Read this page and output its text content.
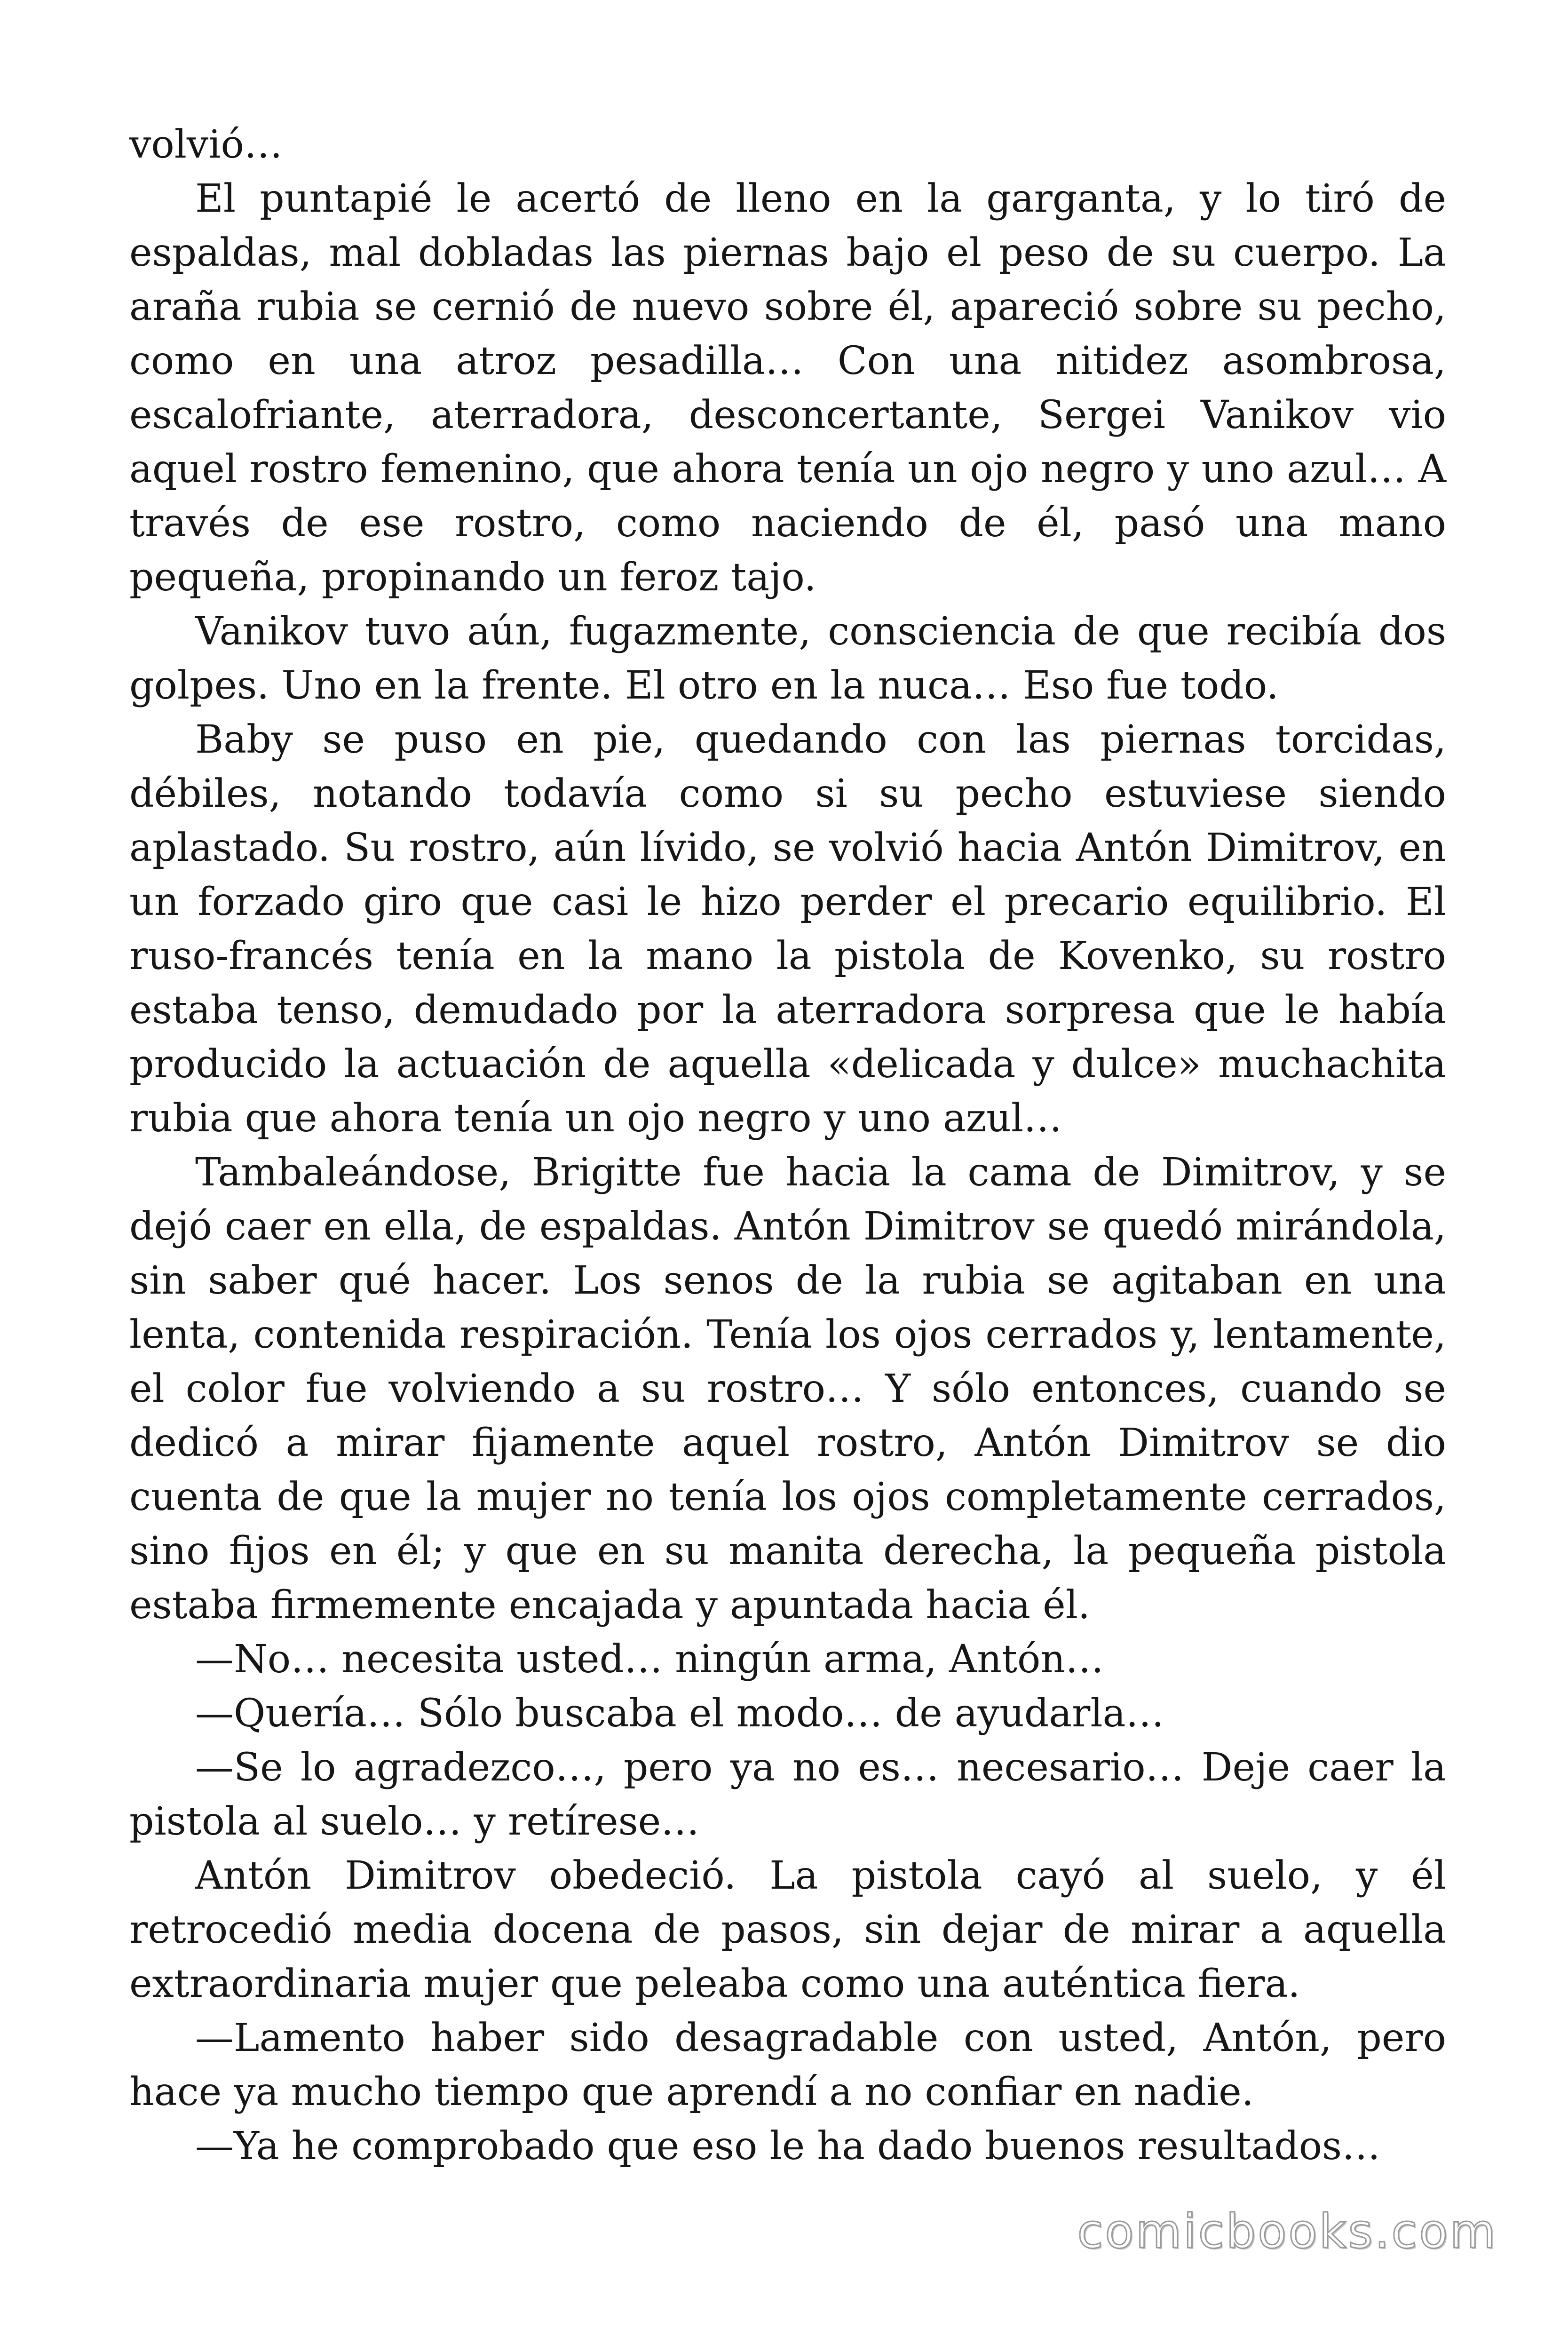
volvió…

El puntapié le acertó de lleno en la garganta, y lo tiró de espaldas, mal dobladas las piernas bajo el peso de su cuerpo. La araña rubia se cernió de nuevo sobre él, apareció sobre su pecho, como en una atroz pesadilla… Con una nitidez asombrosa, escalofriante, aterradora, desconcertante, Sergei Vanikov vio aquel rostro femenino, que ahora tenía un ojo negro y uno azul… A través de ese rostro, como naciendo de él, pasó una mano pequeña, propinando un feroz tajo.

Vanikov tuvo aún, fugazmente, consciencia de que recibía dos golpes. Uno en la frente. El otro en la nuca… Eso fue todo.

Baby se puso en pie, quedando con las piernas torcidas, débiles, notando todavía como si su pecho estuviese siendo aplastado. Su rostro, aún lívido, se volvió hacia Antón Dimitrov, en un forzado giro que casi le hizo perder el precario equilibrio. El ruso-francés tenía en la mano la pistola de Kovenko, su rostro estaba tenso, demudado por la aterradora sorpresa que le había producido la actuación de aquella «delicada y dulce» muchachita rubia que ahora tenía un ojo negro y uno azul…

Tambaleándose, Brigitte fue hacia la cama de Dimitrov, y se dejó caer en ella, de espaldas. Antón Dimitrov se quedó mirándola, sin saber qué hacer. Los senos de la rubia se agitaban en una lenta, contenida respiración. Tenía los ojos cerrados y, lentamente, el color fue volviendo a su rostro… Y sólo entonces, cuando se dedicó a mirar fijamente aquel rostro, Antón Dimitrov se dio cuenta de que la mujer no tenía los ojos completamente cerrados, sino fijos en él; y que en su manita derecha, la pequeña pistola estaba firmemente encajada y apuntada hacia él.

—No… necesita usted… ningún arma, Antón…

—Quería… Sólo buscaba el modo… de ayudarla…

—Se lo agradezco…, pero ya no es… necesario… Deje caer la pistola al suelo… y retírese…

Antón Dimitrov obedeció. La pistola cayó al suelo, y él retrocedió media docena de pasos, sin dejar de mirar a aquella extraordinaria mujer que peleaba como una auténtica fiera.

—Lamento haber sido desagradable con usted, Antón, pero hace ya mucho tiempo que aprendí a no confiar en nadie.

—Ya he comprobado que eso le ha dado buenos resultados…

comicbooks.com
